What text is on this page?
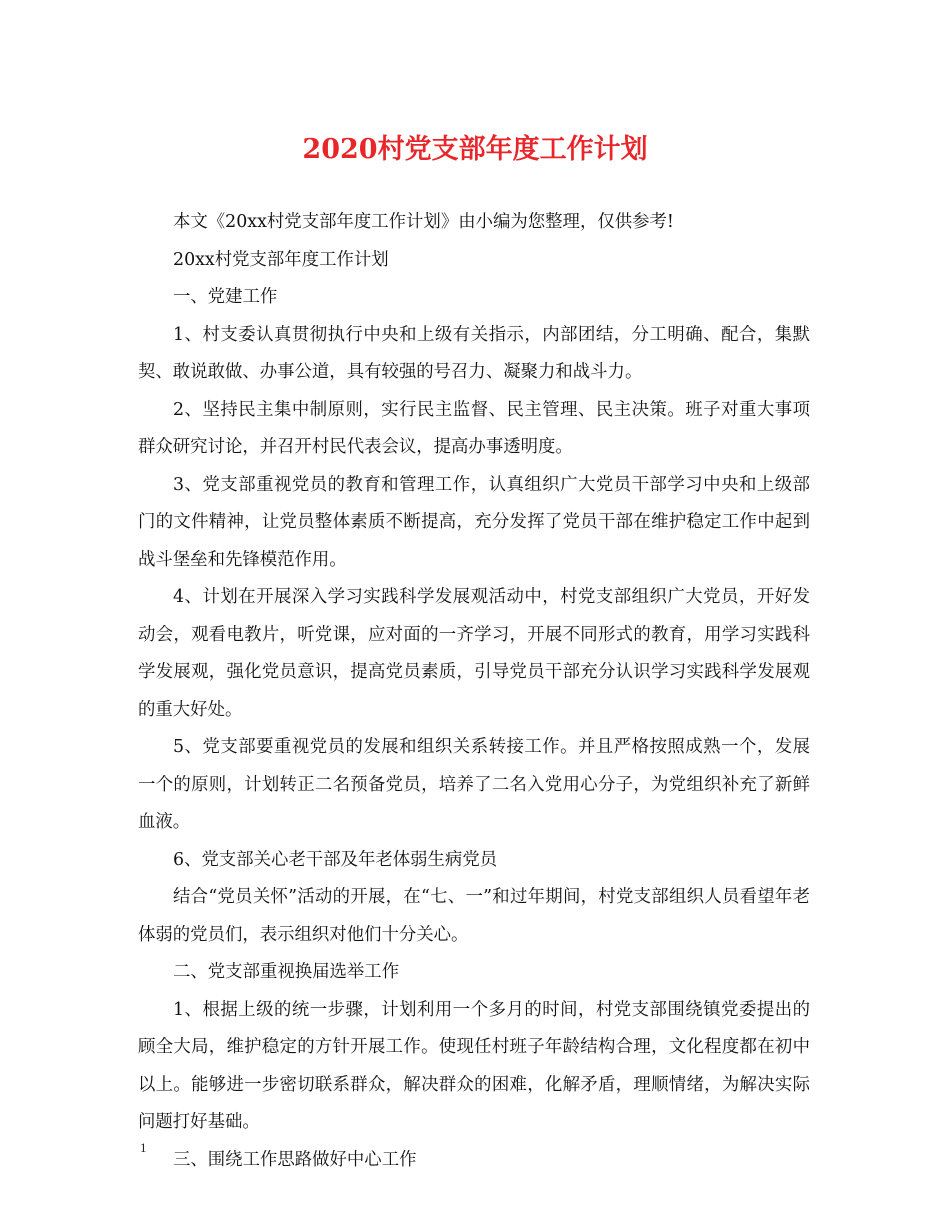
2020村党支部年度工作计划

本文《20xx村党支部年度工作计划》由小编为您整理，仅供参考!

20xx村党支部年度工作计划

一、党建工作

1、村支委认真贯彻执行中央和上级有关指示，内部团结，分工明确、配合，集默契、敢说敢做、办事公道，具有较强的号召力、凝聚力和战斗力。

2、坚持民主集中制原则，实行民主监督、民主管理、民主决策。班子对重大事项群众研究讨论，并召开村民代表会议，提高办事透明度。

3、党支部重视党员的教育和管理工作，认真组织广大党员干部学习中央和上级部门的文件精神，让党员整体素质不断提高，充分发挥了党员干部在维护稳定工作中起到战斗堡垒和先锋模范作用。

4、计划在开展深入学习实践科学发展观活动中，村党支部组织广大党员，开好发动会，观看电教片，听党课，应对面的一齐学习，开展不同形式的教育，用学习实践科学发展观，强化党员意识，提高党员素质，引导党员干部充分认识学习实践科学发展观的重大好处。

5、党支部要重视党员的发展和组织关系转接工作。并且严格按照成熟一个，发展一个的原则，计划转正二名预备党员，培养了二名入党用心分子，为党组织补充了新鲜血液。

6、党支部关心老干部及年老体弱生病党员

结合“党员关怀”活动的开展，在“七、一”和过年期间，村党支部组织人员看望年老体弱的党员们，表示组织对他们十分关心。

二、党支部重视换届选举工作

1、根据上级的统一步骤，计划利用一个多月的时间，村党支部围绕镇党委提出的顾全大局，维护稳定的方针开展工作。使现任村班子年龄结构合理，文化程度都在初中以上。能够进一步密切联系群众，解决群众的困难，化解矛盾，理顺情绪，为解决实际问题打好基础。

三、围绕工作思路做好中心工作

1
